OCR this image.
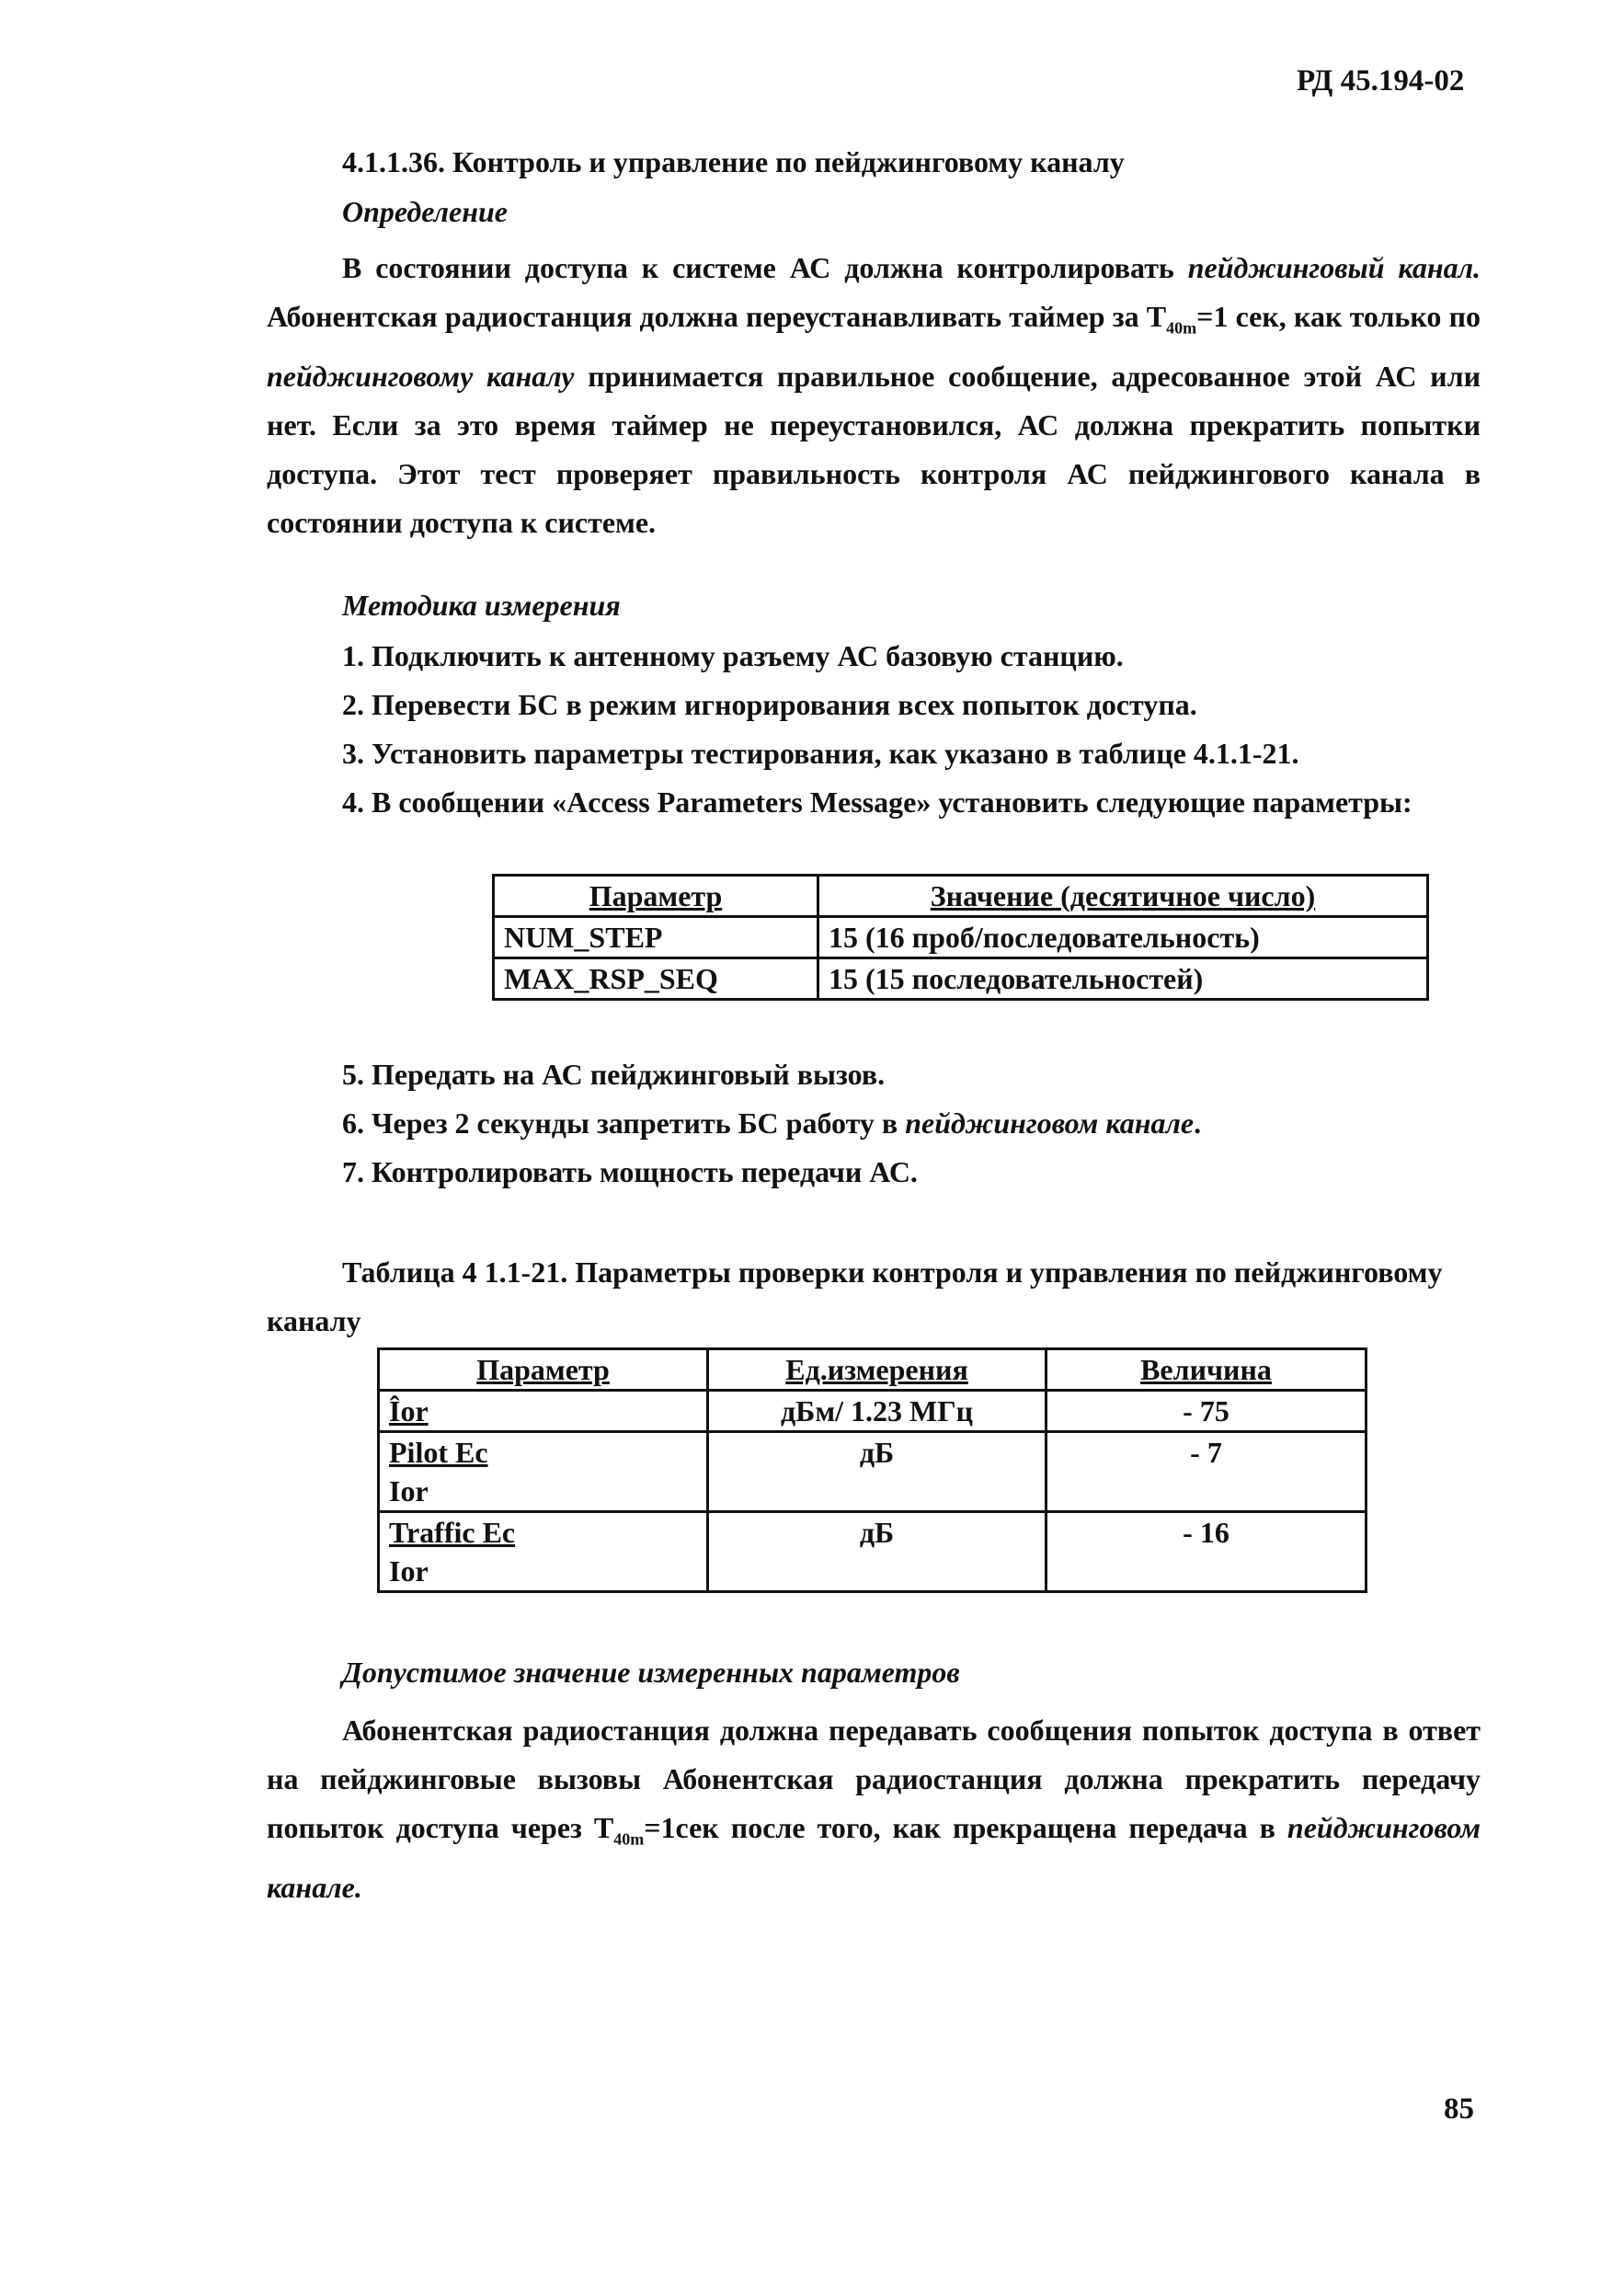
РД 45.194-02
4.1.1.36. Контроль и управление по пейджинговому каналу
Определение
В состоянии доступа к системе АС должна контролировать пейджинговый канал. Абонентская радиостанция должна переустанавливать таймер за $Т_{40m}=1$ сек, как только по пейджинговому каналу принимается правильное сообщение, адресованное этой АС или нет. Если за это время таймер не переустановился, АС должна прекратить попытки доступа. Этот тест проверяет правильность контроля АС пейджингового канала в состоянии доступа к системе.
Методика измерения
1. Подключить к антенному разъему АС базовую станцию.
2. Перевести БС в режим игнорирования всех попыток доступа.
3. Установить параметры тестирования, как указано в таблице 4.1.1-21.
4. В сообщении «Access Parameters Message» установить следующие параметры:
Параметр	Значение (десятичное число)
NUM_STEP	15 (16 проб/последовательность)
MAX_RSP_SEQ	15 (15 последовательностей)
5. Передать на АС пейджинговый вызов.
6. Через 2 секунды запретить БС работу в пейджинговом канале.
7. Контролировать мощность передачи АС.
Таблица 4 1.1-21. Параметры проверки контроля и управления по пейджинговому
каналу
Параметр	Ед.измерения	Величина
Îor	дБм/ 1.23 МГц	- 75

Pilot Ec
Ior	дБ	- 7

Traffic Ec
Ior	дБ	- 16
Допустимое значение измеренных параметров
Абонентская радиостанция должна передавать сообщения попыток доступа в ответ на пейджинговые вызовы Абонентская радиостанция должна прекратить передачу попыток доступа через $Т_{40m}=1сек$ после того, как прекращена передача в пейджинговом канале.
85
